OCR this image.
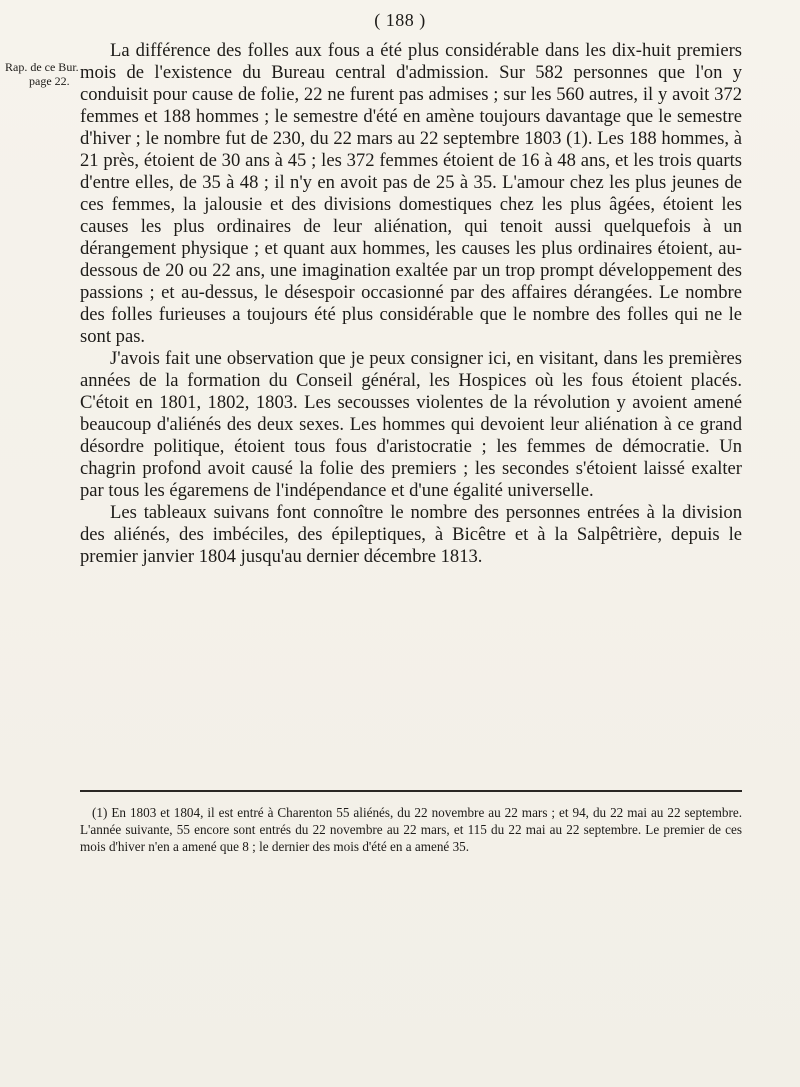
( 188 )
Rap. de ce Bur.
page 22.

La différence des folles aux fous a été plus considérable dans les dix-huit premiers mois de l'existence du Bureau central d'admission. Sur 582 personnes que l'on y conduisit pour cause de folie, 22 ne furent pas admises ; sur les 560 autres, il y avoit 372 femmes et 188 hommes ; le semestre d'été en amène toujours davantage que le semestre d'hiver ; le nombre fut de 230, du 22 mars au 22 septembre 1803 (1). Les 188 hommes, à 21 près, étoient de 30 ans à 45 ; les 372 femmes étoient de 16 à 48 ans, et les trois quarts d'entre elles, de 35 à 48 ; il n'y en avoit pas de 25 à 35. L'amour chez les plus jeunes de ces femmes, la jalousie et des divisions domestiques chez les plus âgées, étoient les causes les plus ordinaires de leur aliénation, qui tenoit aussi quelquefois à un dérangement physique ; et quant aux hommes, les causes les plus ordinaires étoient, au-dessous de 20 ou 22 ans, une imagination exaltée par un trop prompt développement des passions ; et au-dessus, le désespoir occasionné par des affaires dérangées. Le nombre des folles furieuses a toujours été plus considérable que le nombre des folles qui ne le sont pas.

J'avois fait une observation que je peux consigner ici, en visitant, dans les premières années de la formation du Conseil général, les Hospices où les fous étoient placés. C'étoit en 1801, 1802, 1803. Les secousses violentes de la révolution y avoient amené beaucoup d'aliénés des deux sexes. Les hommes qui devoient leur aliénation à ce grand désordre politique, étoient tous fous d'aristocratie ; les femmes de démocratie. Un chagrin profond avoit causé la folie des premiers ; les secondes s'étoient laissé exalter par tous les égaremens de l'indépendance et d'une égalité universelle.

Les tableaux suivans font connoître le nombre des personnes entrées à la division des aliénés, des imbéciles, des épileptiques, à Bicêtre et à la Salpêtrière, depuis le premier janvier 1804 jusqu'au dernier décembre 1813.

(1) En 1803 et 1804, il est entré à Charenton 55 aliénés, du 22 novembre au 22 mars ; et 94, du 22 mai au 22 septembre. L'année suivante, 55 encore sont entrés du 22 novembre au 22 mars, et 115 du 22 mai au 22 septembre. Le premier de ces mois d'hiver n'en a amené que 8 ; le dernier des mois d'été en a amené 35.
